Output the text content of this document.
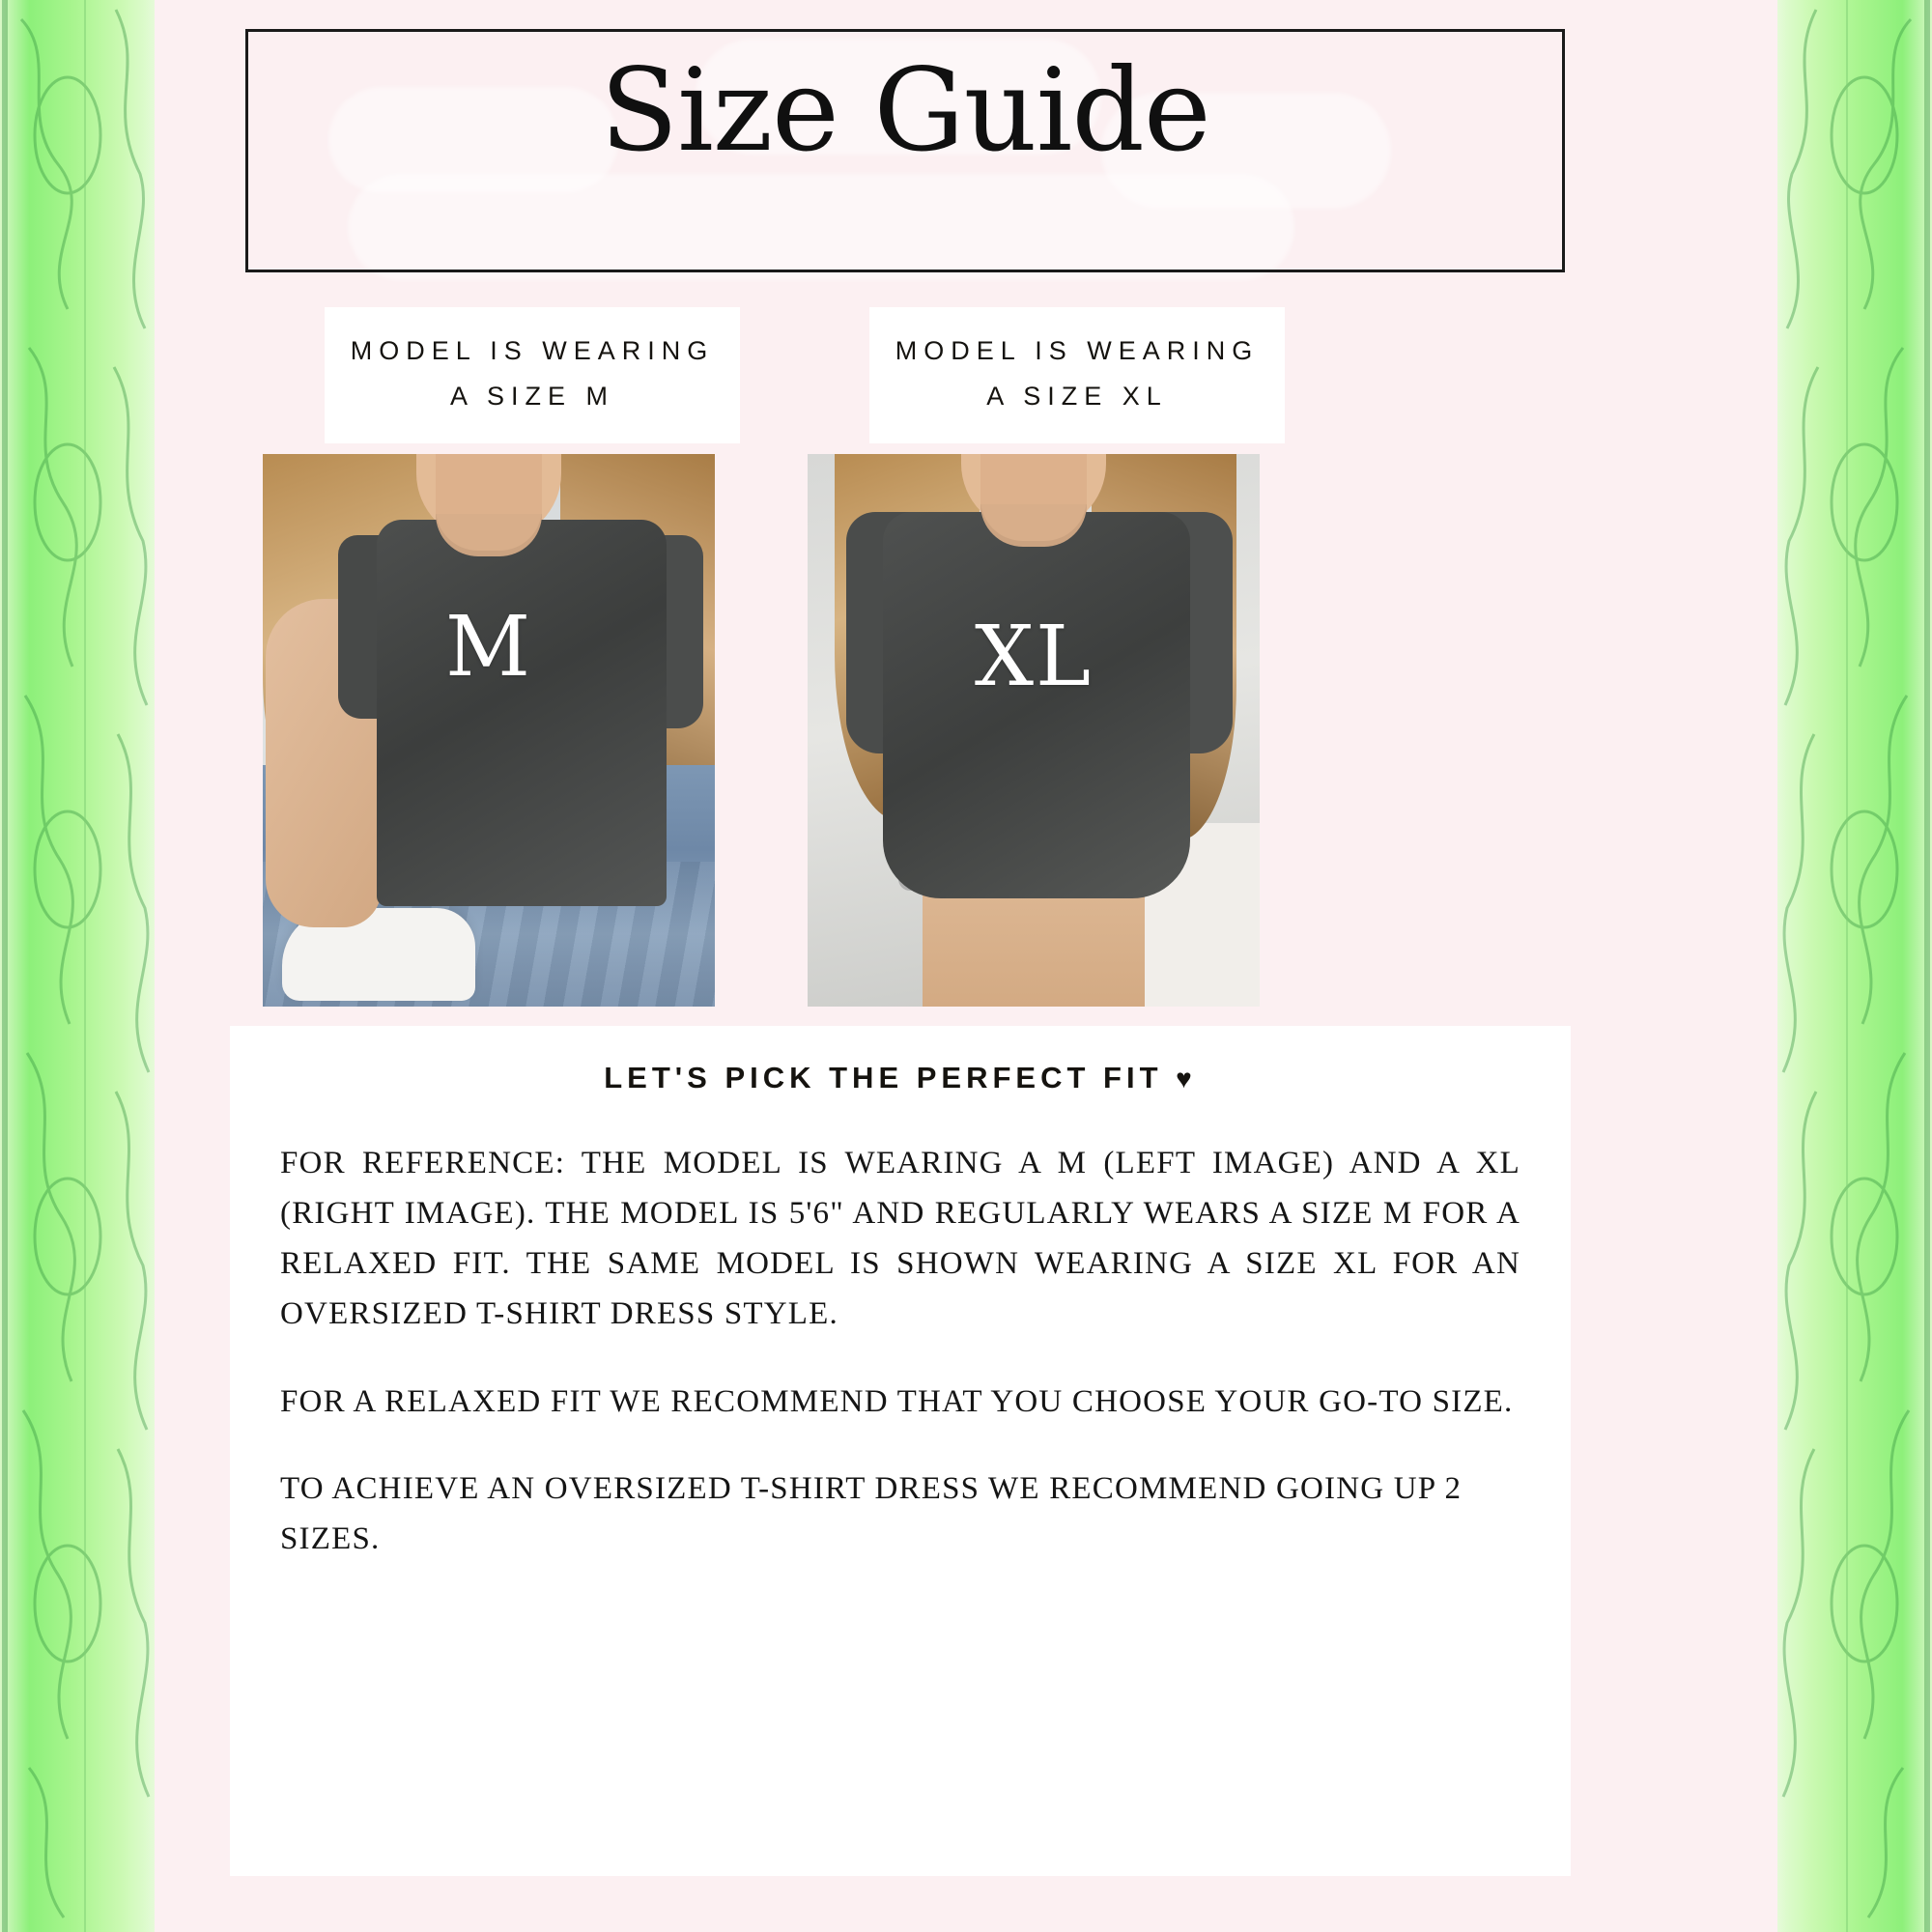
Size Guide
MODEL IS WEARING A SIZE M
MODEL IS WEARING A SIZE XL
M	XL
LET'S PICK THE PERFECT FIT ♥

FOR REFERENCE: THE MODEL IS WEARING A M (LEFT IMAGE) AND A XL (RIGHT IMAGE). THE MODEL IS 5'6" AND REGULARLY WEARS A SIZE M FOR A RELAXED FIT. THE SAME MODEL IS SHOWN WEARING A SIZE XL FOR AN OVERSIZED T-SHIRT DRESS STYLE.

FOR A RELAXED FIT WE RECOMMEND THAT YOU CHOOSE YOUR GO-TO SIZE.

TO ACHIEVE AN OVERSIZED T-SHIRT DRESS WE RECOMMEND GOING UP 2 SIZES.
